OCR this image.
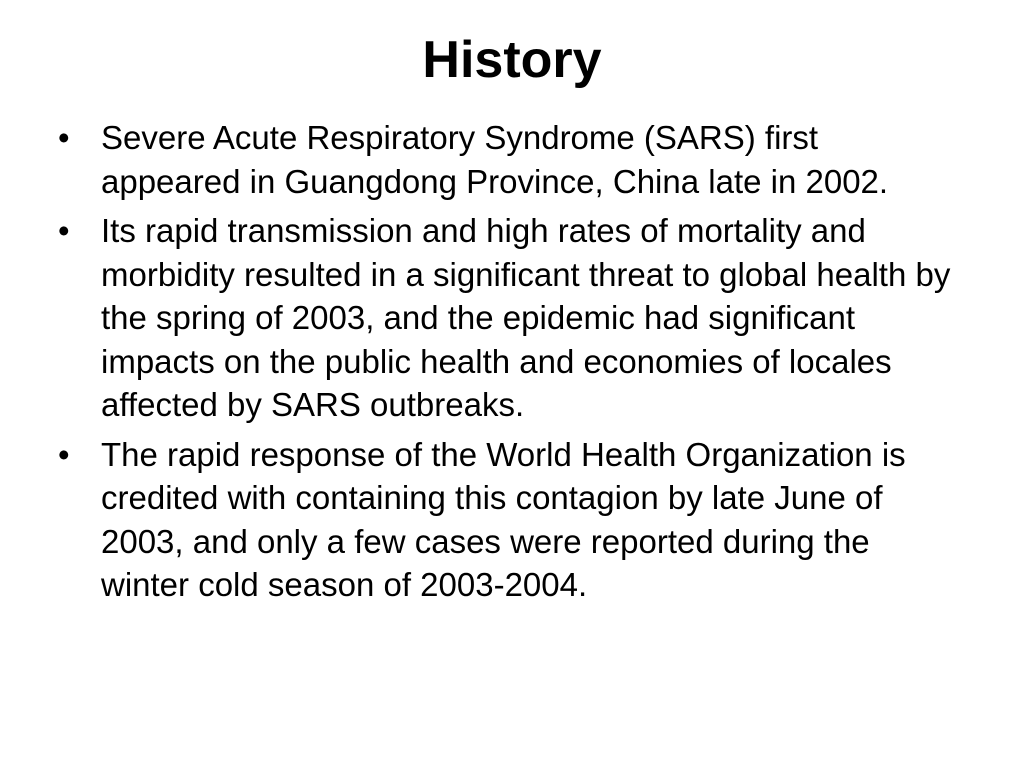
History
• Severe Acute Respiratory Syndrome (SARS) first appeared in Guangdong Province, China late in 2002.
• Its rapid transmission and high rates of mortality and morbidity resulted in a significant threat to global health by the spring of 2003, and the epidemic had significant impacts on the public health and economies of locales affected by SARS outbreaks.
• The rapid response of the World Health Organization is credited with containing this contagion by late June of 2003, and only a few cases were reported during the winter cold season of 2003-2004.
